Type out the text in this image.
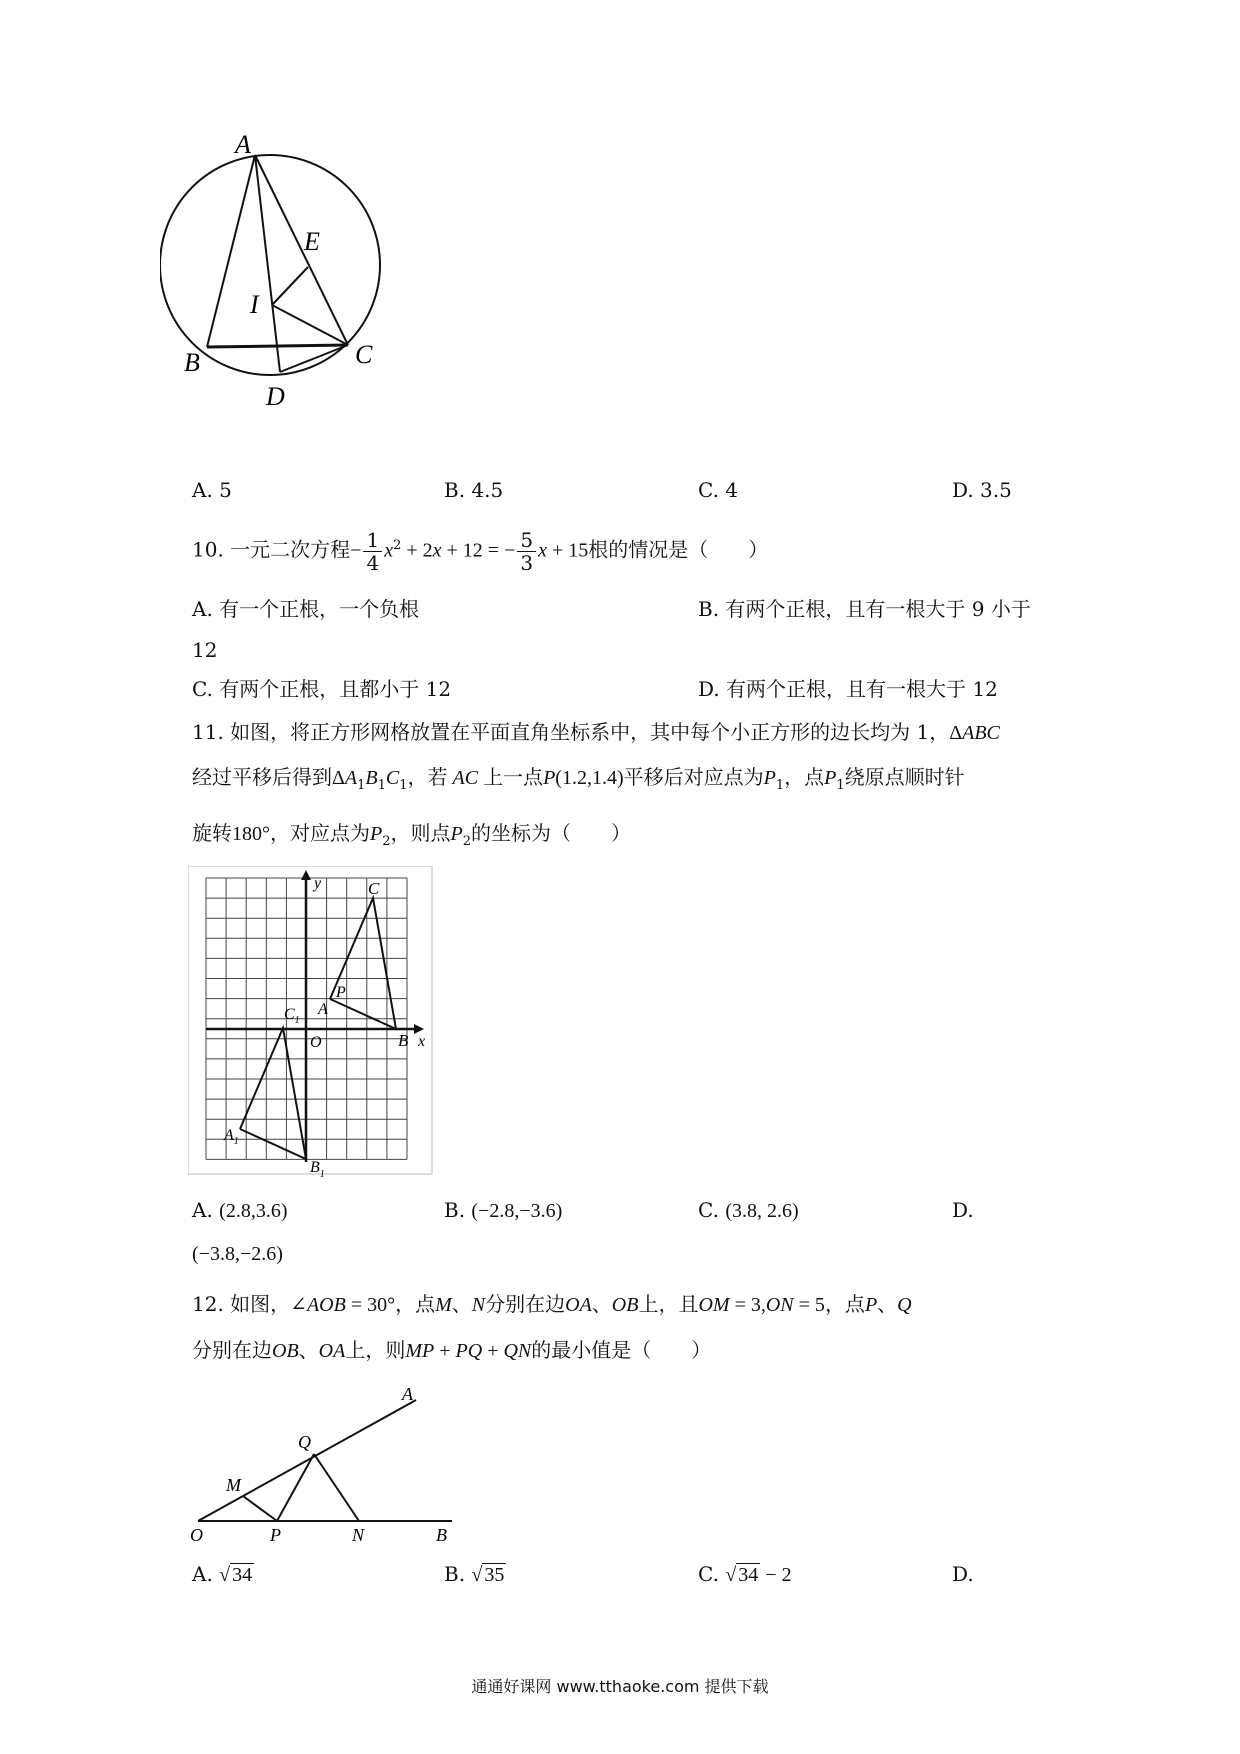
A
E
I
B	C
D
A. 5	B. 4.5	C. 4	D. 3.5
10. 一元二次方程− $\frac{1}{4} x^2 + 2x + 12$ = − $\frac{5}{3}$ x + 15根的情况是（　　）
A. 有一个正根，一个负根	B. 有两个正根，且有一根大于 9 小于
12
C. 有两个正根，且都小于 12	D. 有两个正根，且有一根大于 12
11. 如图，将正方形网格放置在平面直角坐标系中，其中每个小正方形的边长均为 1，ΔABC
经过平移后得到$\Delta A_1B_1C_1$，若 AC 上一点P(1.2,1.4)平移后对应点为$P_1$，点$P_1$绕原点顺时针
旋转180°，对应点为$P_2$，则点$P_2$的坐标为（　　）
y	C
P
A
O	B x
$C_1$
$A_1$
$B_1$
A. (2.8,3.6)	B. (−2.8,−3.6)	C. (3.8, 2.6)	D.
(−3.8,−2.6)
12. 如图，∠AOB = 30°，点M、N分别在边OA、OB上，且OM = 3,ON = 5，点P、Q
分别在边OB、OA上，则MP + PQ + QN的最小值是（　　）
A
Q
M
O	P	N	B
A. √ 34	B. √ 35	C. √ 34 − 2	D.
通通好课网 www.tthaoke.com 提供下载
